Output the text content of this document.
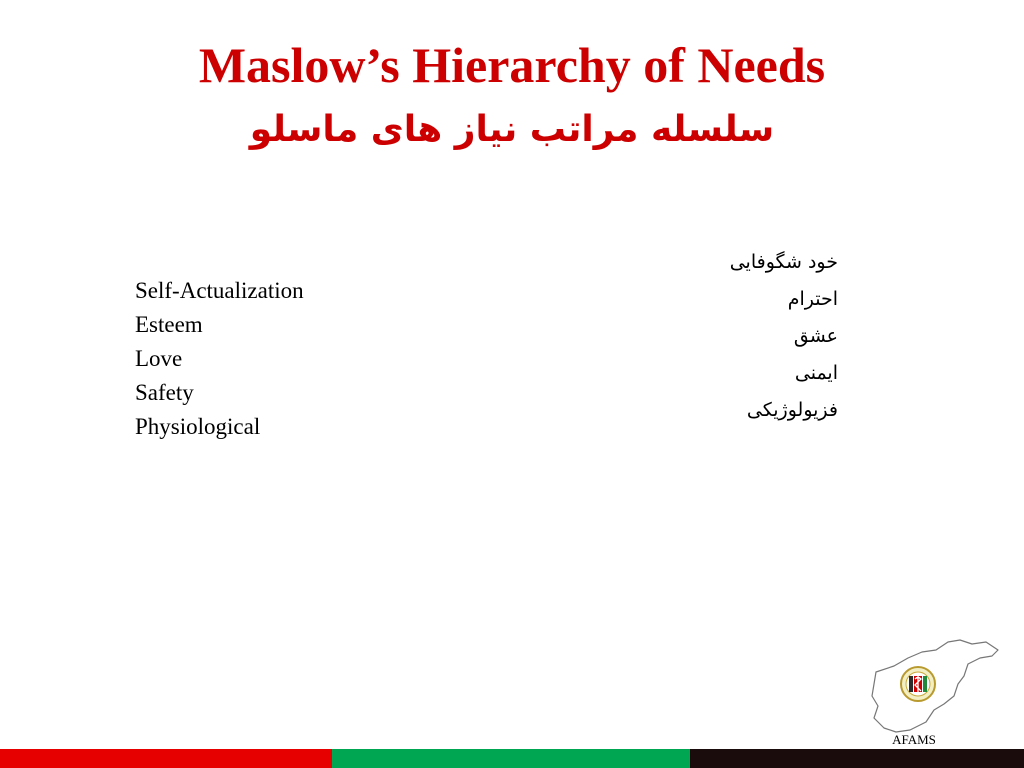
Maslow’s Hierarchy of Needs
سلسله مراتب نیاز های ماسلو
Self-Actualization
Esteem
Love
Safety
Physiological
خود شگوفایی
احترام
عشق
ایمنی
فزیولوژیکی
AFAMS
